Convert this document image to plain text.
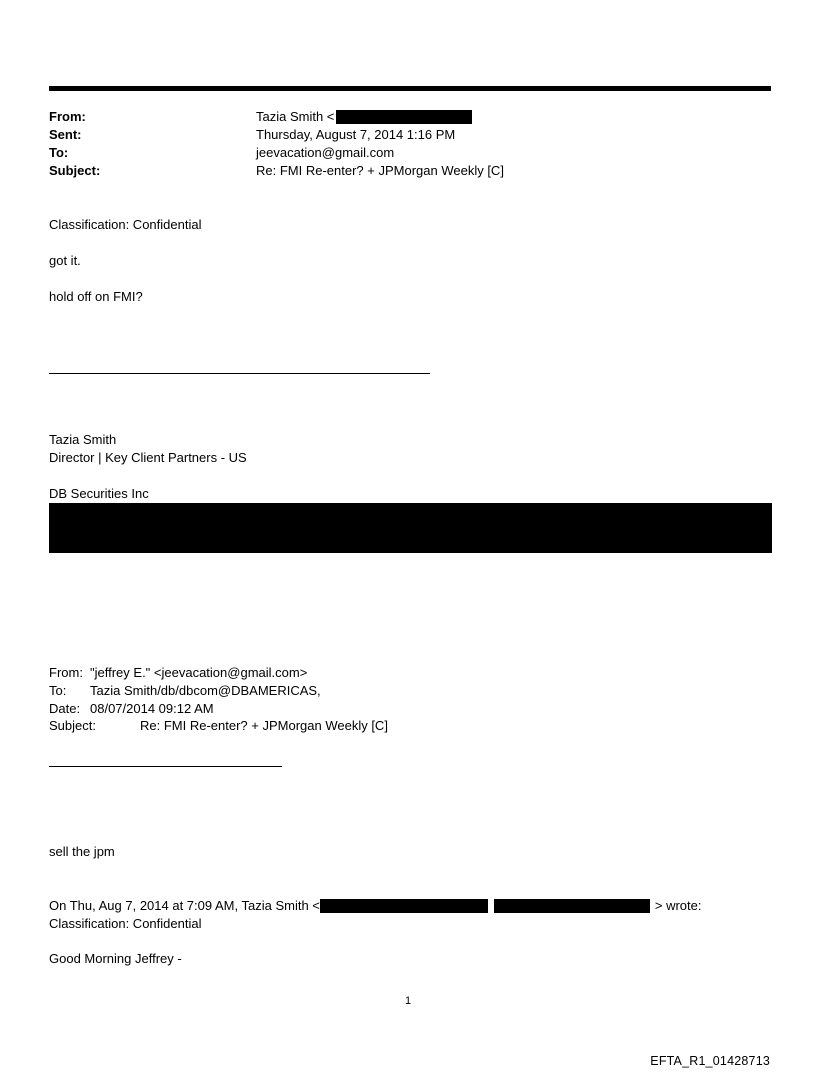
From:	Tazia Smith <
Sent:	Thursday, August 7, 2014 1:16 PM
To:	jeevacation@gmail.com
Subject:	Re: FMI Re-enter? + JPMorgan Weekly [C]
Classification: Confidential
got it.
hold off on FMI?
Tazia Smith
Director | Key Client Partners - US
DB Securities Inc
From: "jeffrey E." <jeevacation@gmail.com>
To: Tazia Smith/db/dbcom@DBAMERICAS,
Date: 08/07/2014 09:12 AM
Subject:	Re: FMI Re-enter? + JPMorgan Weekly [C]
sell the jpm
On Thu, Aug 7, 2014 at 7:09 AM, Tazia Smith <	> wrote:
Classification: Confidential
Good Morning Jeffrey -
1
EFTA_R1_01428713
